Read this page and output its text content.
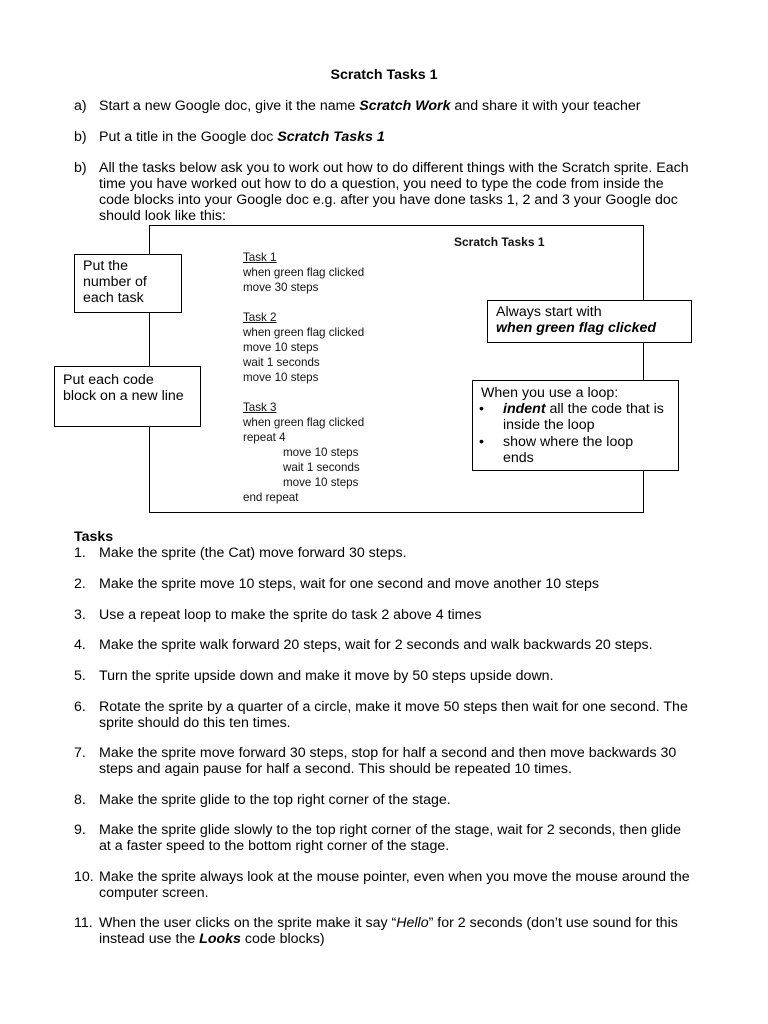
Scratch Tasks 1
a) Start a new Google doc, give it the name Scratch Work and share it with your teacher
b) Put a title in the Google doc Scratch Tasks 1
b) All the tasks below ask you to work out how to do different things with the Scratch sprite. Each
time you have worked out how to do a question, you need to type the code from inside the
code blocks into your Google doc e.g. after you have done tasks 1, 2 and 3 your Google doc
should look like this:
Scratch Tasks 1
Task 1
when green flag clicked
move 30 steps
Task 2
when green flag clicked
move 10 steps
wait 1 seconds
move 10 steps
Task 3
when green flag clicked
repeat 4
move 10 steps
wait 1 seconds
move 10 steps
end repeat
Put the
number of
each task
Put each code
block on a new line
Always start with
when green flag clicked
When you use a loop:
• indent all the code that is
inside the loop
• show where the loop
ends
Tasks
1. Make the sprite (the Cat) move forward 30 steps.
2. Make the sprite move 10 steps, wait for one second and move another 10 steps
3. Use a repeat loop to make the sprite do task 2 above 4 times
4. Make the sprite walk forward 20 steps, wait for 2 seconds and walk backwards 20 steps.
5. Turn the sprite upside down and make it move by 50 steps upside down.
6. Rotate the sprite by a quarter of a circle, make it move 50 steps then wait for one second. The
sprite should do this ten times.
7. Make the sprite move forward 30 steps, stop for half a second and then move backwards 30
steps and again pause for half a second. This should be repeated 10 times.
8. Make the sprite glide to the top right corner of the stage.
9. Make the sprite glide slowly to the top right corner of the stage, wait for 2 seconds, then glide
at a faster speed to the bottom right corner of the stage.
10. Make the sprite always look at the mouse pointer, even when you move the mouse around the
computer screen.
11. When the user clicks on the sprite make it say “Hello” for 2 seconds (don’t use sound for this
instead use the Looks code blocks)
